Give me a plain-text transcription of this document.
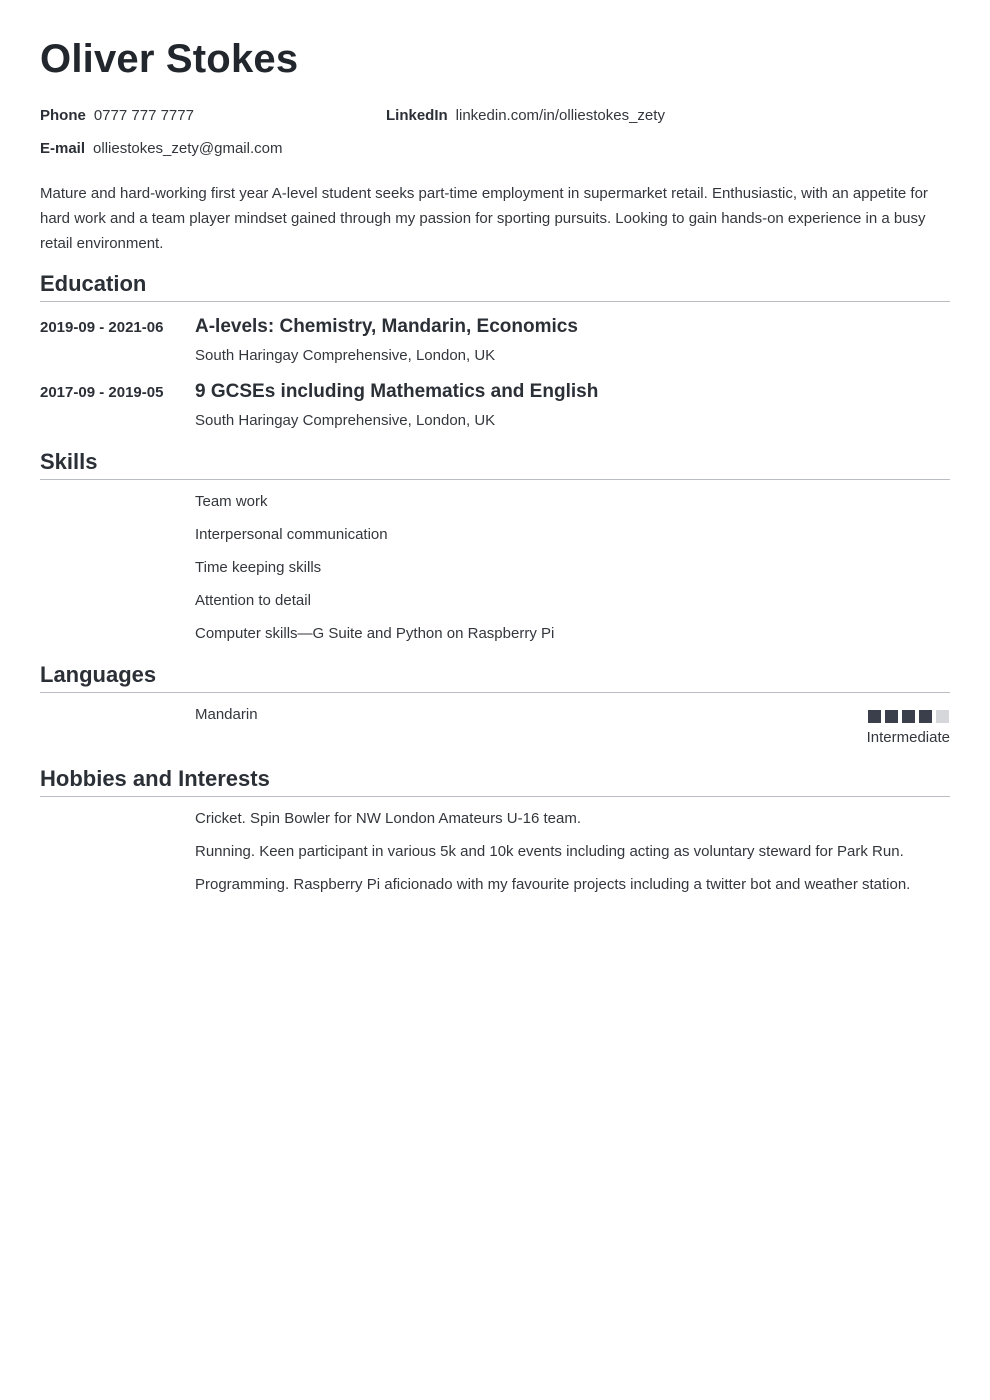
Oliver Stokes
Phone 0777 777 7777	LinkedIn linkedin.com/in/olliestokes_zety
E-mail olliestokes_zety@gmail.com

Mature and hard-working first year A-level student seeks part-time employment in supermarket retail. Enthusiastic, with an appetite for hard work and a team player mindset gained through my passion for sporting pursuits. Looking to gain hands-on experience in a busy retail environment.

Education
2019-09 - 2021-06 A-levels: Chemistry, Mandarin, Economics
South Haringay Comprehensive, London, UK
2017-09 - 2019-05 9 GCSEs including Mathematics and English
South Haringay Comprehensive, London, UK
Skills
Team work
Interpersonal communication
Time keeping skills
Attention to detail
Computer skills—G Suite and Python on Raspberry Pi
Languages
Mandarin
Intermediate
Hobbies and Interests
Cricket. Spin Bowler for NW London Amateurs U-16 team.
Running. Keen participant in various 5k and 10k events including acting as voluntary steward for Park Run.
Programming. Raspberry Pi aficionado with my favourite projects including a twitter bot and weather station.
